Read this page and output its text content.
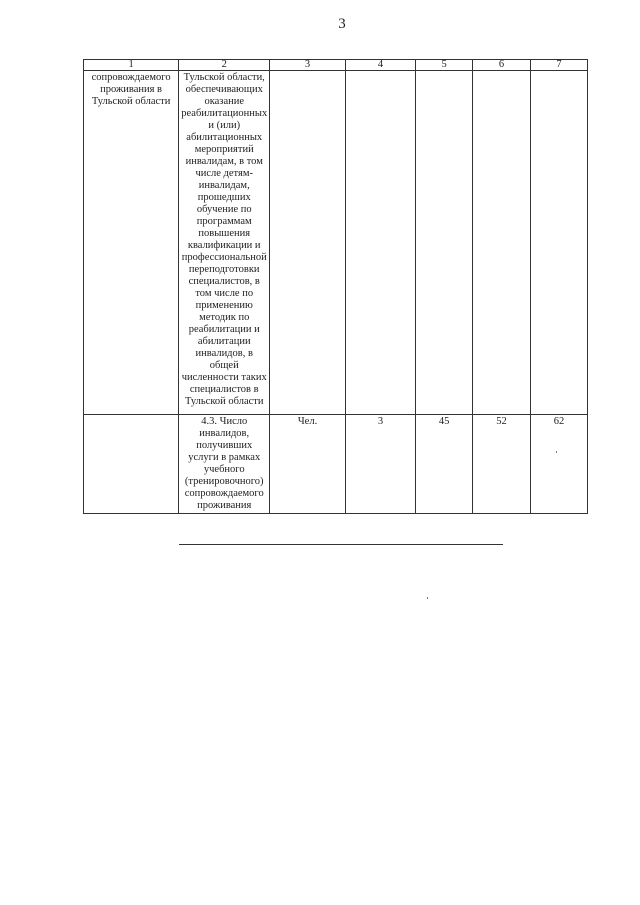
3
1	2	3	4	5	6	7
сопровождаемого проживания в Тульской области	Тульской области, обеспечивающих оказание реабилитационных и (или) абилитационных мероприятий инвалидам, в том числе детям-инвалидам, прошедших обучение по программам повышения квалификации и профессиональной переподготовки специалистов, в том числе по применению методик по реабилитации и абилитации инвалидов, в общей численности таких специалистов в Тульской области					
	4.3. Число инвалидов, получивших услуги в рамках учебного (тренировочного) сопровождаемого проживания	Чел.	3	45	52	62
